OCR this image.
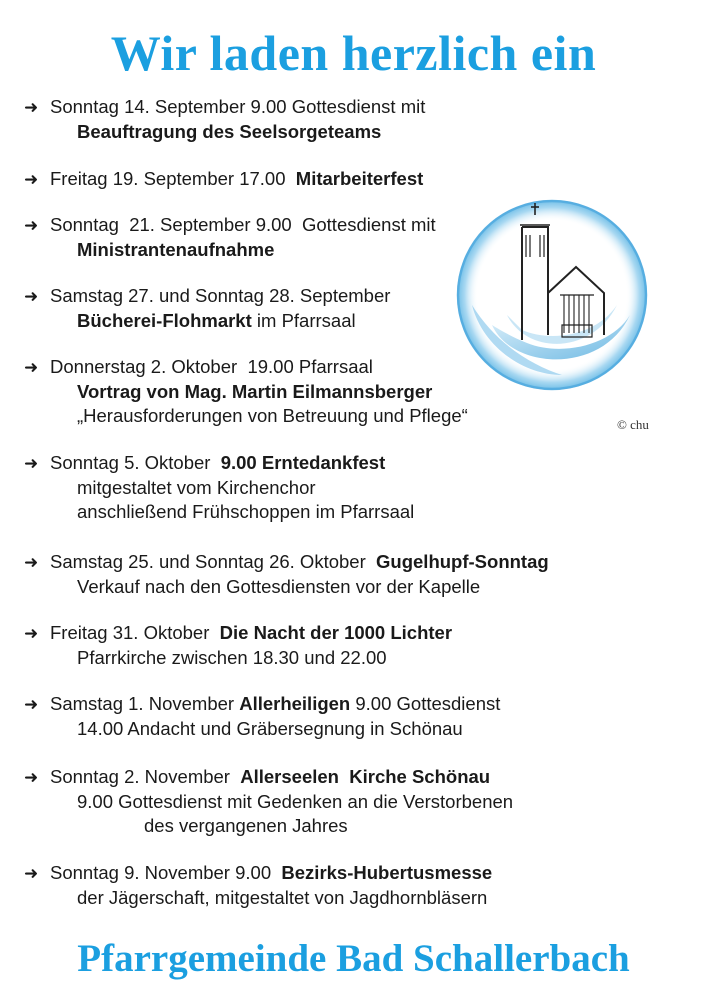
Wir laden herzlich ein
➜ Sonntag 14. September 9.00 Gottesdienst mit
Beauftragung des Seelsorgeteams
➜ Freitag 19. September 17.00  Mitarbeiterfest
➜ Sonntag  21. September 9.00  Gottesdienst mit
Ministrantenaufnahme
➜ Samstag 27. und Sonntag 28. September
Bücherei-Flohmarkt im Pfarrsaal
➜ Donnerstag 2. Oktober  19.00 Pfarrsaal
Vortrag von Mag. Martin Eilmannsberger
„Herausforderungen von Betreuung und Pflege“
➜ Sonntag 5. Oktober  9.00 Erntedankfest
mitgestaltet vom Kirchenchor
anschließend Frühschoppen im Pfarrsaal
➜ Samstag 25. und Sonntag 26. Oktober  Gugelhupf-Sonntag
Verkauf nach den Gottesdiensten vor der Kapelle
➜ Freitag 31. Oktober  Die Nacht der 1000 Lichter
Pfarrkirche zwischen 18.30 und 22.00
➜ Samstag 1. November Allerheiligen 9.00 Gottesdienst
14.00 Andacht und Gräbersegnung in Schönau
➜ Sonntag 2. November  Allerseelen  Kirche Schönau
9.00 Gottesdienst mit Gedenken an die Verstorbenen
des vergangenen Jahres
➜ Sonntag 9. November 9.00  Bezirks-Hubertusmesse
der Jägerschaft, mitgestaltet von Jagdhornbläsern
© chu
Pfarrgemeinde Bad Schallerbach
